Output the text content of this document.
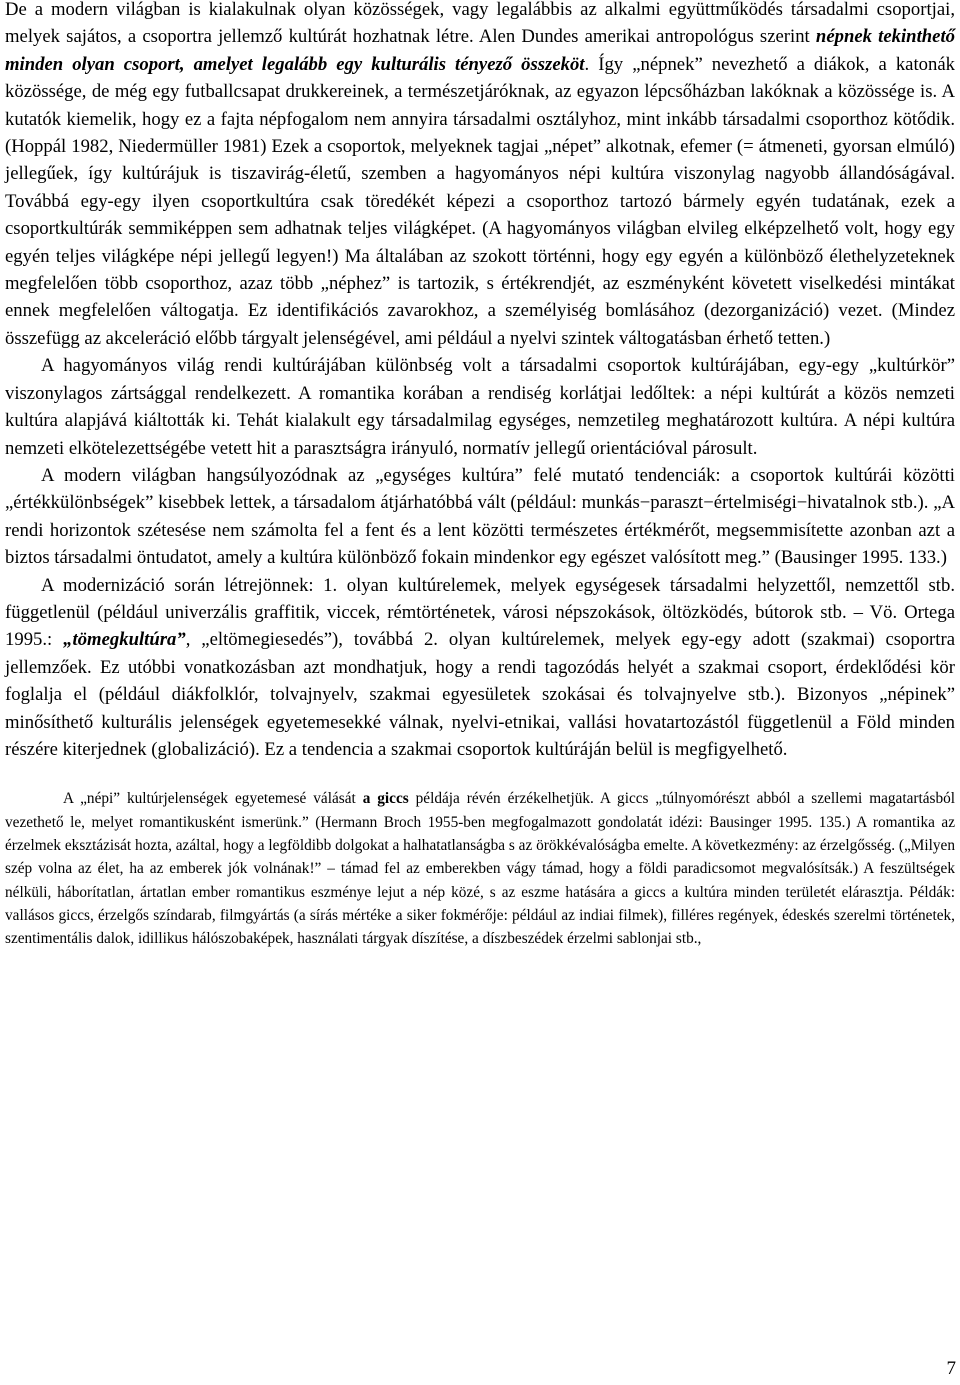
De a modern világban is kialakulnak olyan közösségek, vagy legalábbis az alkalmi együttműködés társadalmi csoportjai, melyek sajátos, a csoportra jellemző kultúrát hozhatnak létre. Alen Dundes amerikai antropológus szerint népnek tekinthető minden olyan csoport, amelyet legalább egy kulturális tényező összeköt. Így „népnek” nevezhető a diákok, a katonák közössége, de még egy futballcsapat drukkereinek, a természetjáróknak, az egyazon lépcsőházban lakóknak a közössége is. A kutatók kiemelik, hogy ez a fajta népfogalom nem annyira társadalmi osztályhoz, mint inkább társadalmi csoporthoz kötődik. (Hoppál 1982, Niedermüller 1981) Ezek a csoportok, melyeknek tagjai „népet” alkotnak, efemer (= átmeneti, gyorsan elmúló) jellegűek, így kultúrájuk is tiszavirág-életű, szemben a hagyományos népi kultúra viszonylag nagyobb állandóságával. Továbbá egy-egy ilyen csoportkultúra csak töredékét képezi a csoporthoz tartozó bármely egyén tudatának, ezek a csoportkultúrák semmiképpen sem adhatnak teljes világképet. (A hagyományos világban elvileg elképzelhető volt, hogy egy egyén teljes világképe népi jellegű legyen!) Ma általában az szokott történni, hogy egy egyén a különböző élethelyzeteknek megfelelően több csoporthoz, azaz több „néphez” is tartozik, s értékrendjét, az eszményként követett viselkedési mintákat ennek megfelelően váltogatja. Ez identifikációs zavarokhoz, a személyiség bomlásához (dezorganizáció) vezet. (Mindez összefügg az akceleráció előbb tárgyalt jelenségével, ami például a nyelvi szintek váltogatásban érhető tetten.)

A hagyományos világ rendi kultúrájában különbség volt a társadalmi csoportok kultúrájában, egy-egy „kultúrkör” viszonylagos zártsággal rendelkezett. A romantika korában a rendiség korlátjai ledőltek: a népi kultúrát a közös nemzeti kultúra alapjává kiáltották ki. Tehát kialakult egy társadalmilag egységes, nemzetileg meghatározott kultúra. A népi kultúra nemzeti elkötelezettségébe vetett hit a parasztságra irányuló, normatív jellegű orientációval párosult.

A modern világban hangsúlyozódnak az „egységes kultúra” felé mutató tendenciák: a csoportok kultúrái közötti „értékkülönbségek” kisebbek lettek, a társadalom átjárhatóbbá vált (például: munkás−paraszt−értelmiségi−hivatalnok stb.). „A rendi horizontok szétesése nem számolta fel a fent és a lent közötti természetes értékmérőt, megsemmisítette azonban azt a biztos társadalmi öntudatot, amely a kultúra különböző fokain mindenkor egy egészet valósított meg.” (Bausinger 1995. 133.)

A modernizáció során létrejönnek: 1. olyan kultúrelemek, melyek egységesek társadalmi helyzettől, nemzettől stb. függetlenül (például univerzális graffitik, viccek, rémtörténetek, városi népszokások, öltözködés, bútorok stb. – Vö. Ortega 1995.: „tömegkultúra”, „eltömegiesedés”), továbbá 2. olyan kultúrelemek, melyek egy-egy adott (szakmai) csoportra jellemzőek. Ez utóbbi vonatkozásban azt mondhatjuk, hogy a rendi tagozódás helyét a szakmai csoport, érdeklődési kör foglalja el (például diákfolklór, tolvajnyelv, szakmai egyesületek szokásai és tolvajnyelve stb.). Bizonyos „népinek” minősíthető kulturális jelenségek egyetemesekké válnak, nyelvi-etnikai, vallási hovatartozástól függetlenül a Föld minden részére kiterjednek (globalizáció). Ez a tendencia a szakmai csoportok kultúráján belül is megfigyelhető.

A „népi” kultúrjelenségek egyetemesé válását a giccs példája révén érzékelhetjük. A giccs „túlnyomórészt abból a szellemi magatartásból vezethető le, melyet romantikusként ismerünk.” (Hermann Broch 1955-ben megfogalmazott gondolatát idézi: Bausinger 1995. 135.) A romantika az érzelmek eksztázisát hozta, azáltal, hogy a legföldibb dolgokat a halhatatlanságba s az örökkévalóságba emelte. A következmény: az érzelgősség. („Milyen szép volna az élet, ha az emberek jók volnának!” – támad fel az emberekben vágy támad, hogy a földi paradicsomot megvalósítsák.) A feszültségek nélküli, háborítatlan, ártatlan ember romantikus eszménye lejut a nép közé, s az eszme hatására a giccs a kultúra minden területét elárasztja. Példák: vallásos giccs, érzelgős színdarab, filmgyártás (a sírás mértéke a siker fokmérője: például az indiai filmek), filléres regények, édeskés szerelmi történetek, szentimentális dalok, idillikus hálószobaképek, használati tárgyak díszítése, a díszbeszédek érzelmi sablonjai stb.,

7
